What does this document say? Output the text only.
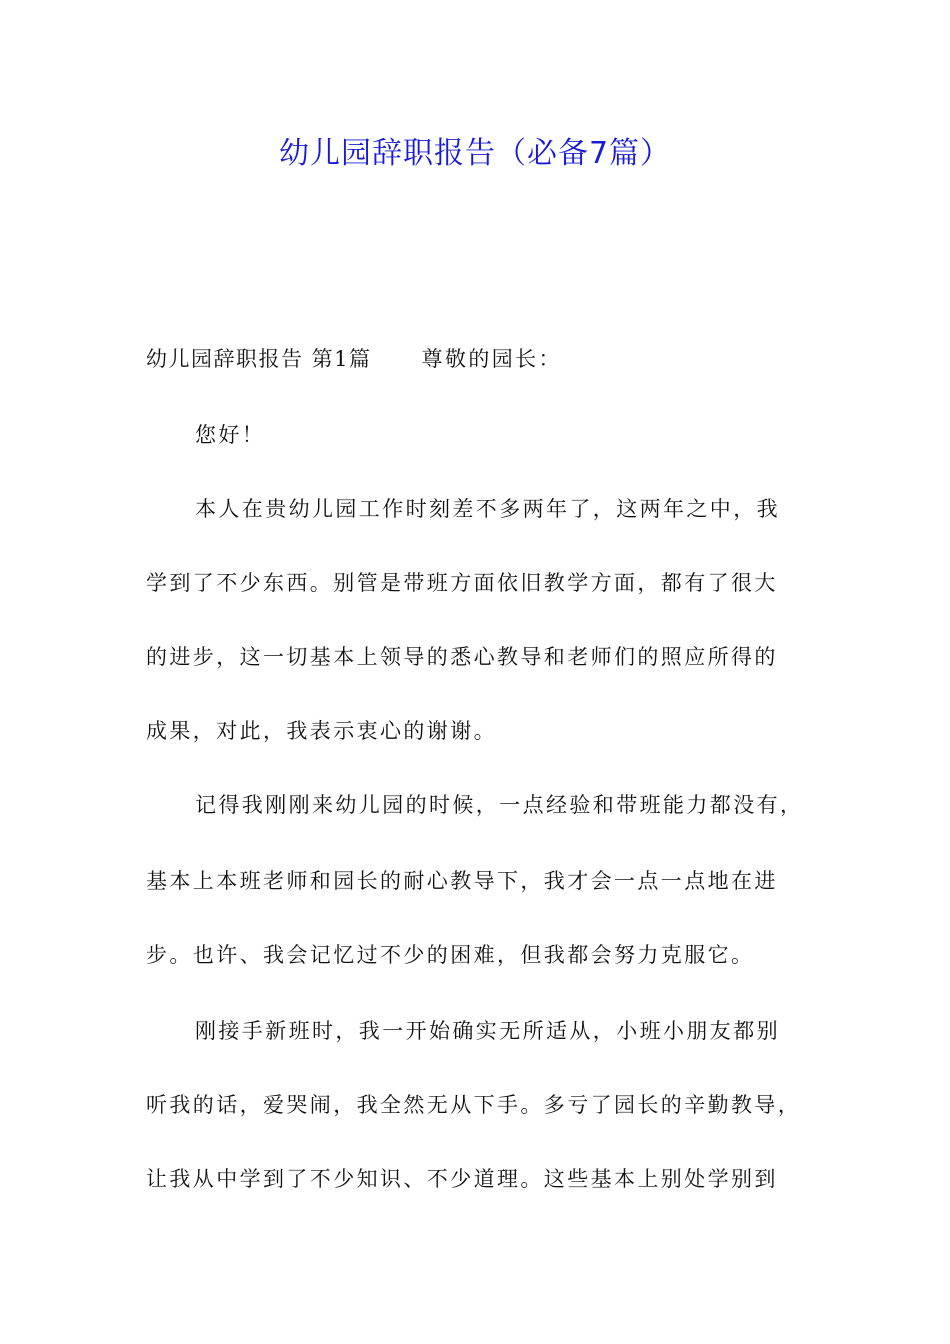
幼儿园辞职报告（必备7篇）

幼儿园辞职报告 第1篇 尊敬的园长：

您好！

本人在贵幼儿园工作时刻差不多两年了，这两年之中，我

学到了不少东西。别管是带班方面依旧教学方面，都有了很大

的进步，这一切基本上领导的悉心教导和老师们的照应所得的

成果，对此，我表示衷心的谢谢。

记得我刚刚来幼儿园的时候，一点经验和带班能力都没有，

基本上本班老师和园长的耐心教导下，我才会一点一点地在进

步。也许、我会记忆过不少的困难，但我都会努力克服它。

刚接手新班时，我一开始确实无所适从，小班小朋友都别

听我的话，爱哭闹，我全然无从下手。多亏了园长的辛勤教导，

让我从中学到了不少知识、不少道理。这些基本上别处学别到
